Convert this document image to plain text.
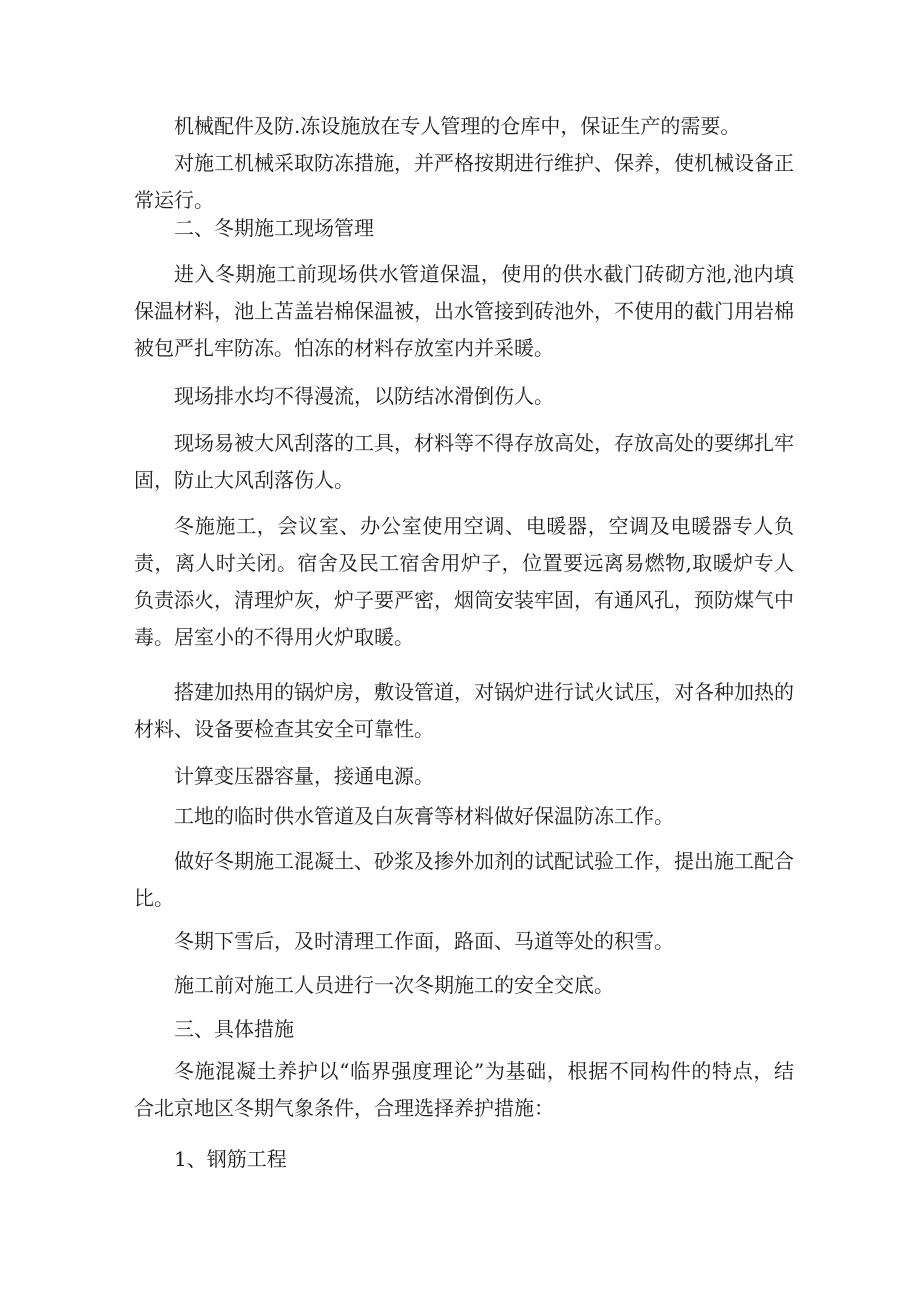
机械配件及防.冻设施放在专人管理的仓库中，保证生产的需要。

对施工机械采取防冻措施，并严格按期进行维护、保养，使机械设备正常运行。

二、冬期施工现场管理

进入冬期施工前现场供水管道保温，使用的供水截门砖砌方池,池内填保温材料，池上苫盖岩棉保温被，出水管接到砖池外，不使用的截门用岩棉被包严扎牢防冻。怕冻的材料存放室内并采暖。

现场排水均不得漫流，以防结冰滑倒伤人。

现场易被大风刮落的工具，材料等不得存放高处，存放高处的要绑扎牢固，防止大风刮落伤人。

冬施施工，会议室、办公室使用空调、电暖器，空调及电暖器专人负责，离人时关闭。宿舍及民工宿舍用炉子，位置要远离易燃物,取暖炉专人负责添火，清理炉灰，炉子要严密，烟筒安装牢固，有通风孔，预防煤气中毒。居室小的不得用火炉取暖。

搭建加热用的锅炉房，敷设管道，对锅炉进行试火试压，对各种加热的材料、设备要检查其安全可靠性。

计算变压器容量，接通电源。

工地的临时供水管道及白灰膏等材料做好保温防冻工作。

做好冬期施工混凝土、砂浆及掺外加剂的试配试验工作，提出施工配合比。

冬期下雪后，及时清理工作面，路面、马道等处的积雪。

施工前对施工人员进行一次冬期施工的安全交底。

三、具体措施

冬施混凝土养护以“临界强度理论”为基础，根据不同构件的特点，结合北京地区冬期气象条件，合理选择养护措施：

1、钢筋工程
